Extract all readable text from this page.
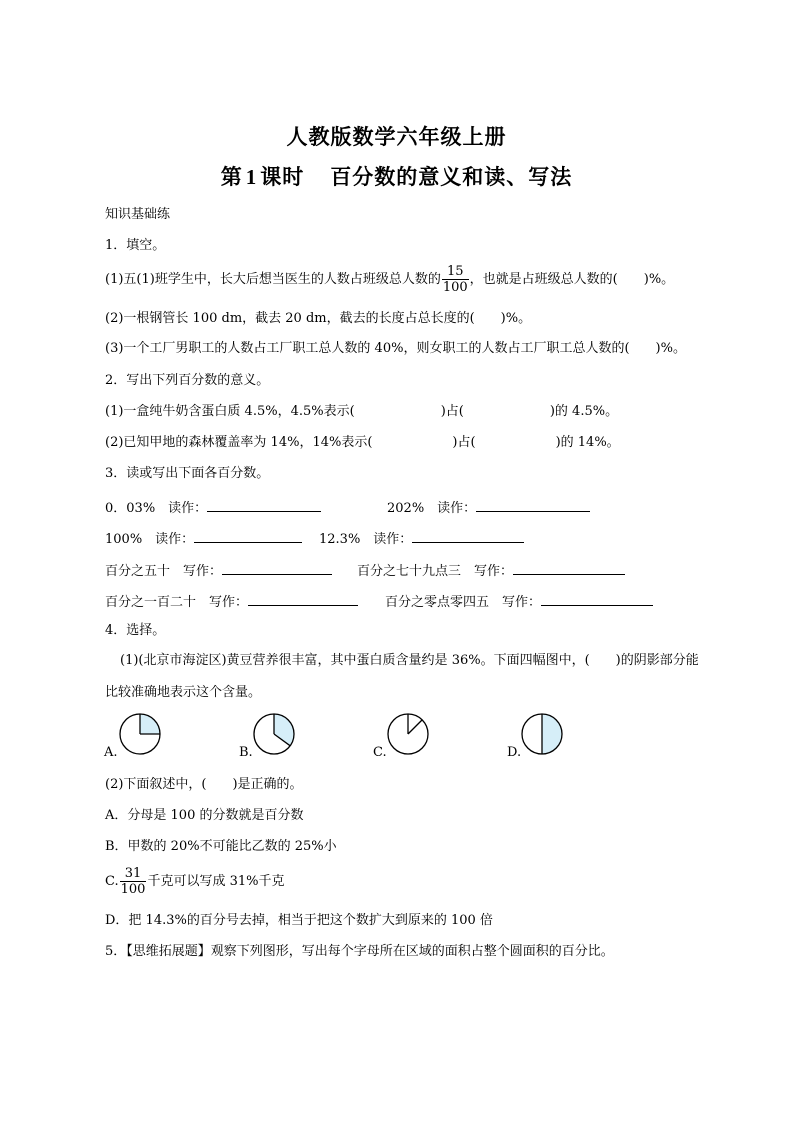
人教版数学六年级上册
第 1 课时 百分数的意义和读、写法
知识基础练
1．填空。
(1)五(1)班学生中，长大后想当医生的人数占班级总人数的 $\frac{15}{100}$ ，也就是占班级总人数的(　　)%。
(2)一根钢管长 100 dm，截去 20 dm，截去的长度占总长度的(　　)%。
(3)一个工厂男职工的人数占工厂职工总人数的 40%，则女职工的人数占工厂职工总人数的(　　)%。
2．写出下列百分数的意义。
(1)一盒纯牛奶含蛋白质 4.5%，4.5%表示(	)占(	)的 4.5%。
(2)已知甲地的森林覆盖率为 14%，14%表示(	)占(	)的 14%。
3．读或写出下面各百分数。
0．03%　读作：	202%　读作：
100%　读作：	12.3%　读作：
百分之五十　写作：	百分之七十九点三　写作：
百分之一百二十　写作：	百分之零点零四五　写作：
4．选择。
(1)(北京市海淀区)黄豆营养很丰富，其中蛋白质含量约是 36%。下面四幅图中，(　　)的阴影部分能
比较准确地表示这个含量。
A.	B.	C.	D.
(2)下面叙述中，(　　)是正确的。
A．分母是 100 的分数就是百分数
B．甲数的 20%不可能比乙数的 25%小
C. $\frac{31}{100}$ 千克可以写成 31%千克
D．把 14.3%的百分号去掉，相当于把这个数扩大到原来的 100 倍
5．【思维拓展题】观察下列图形，写出每个字母所在区域的面积占整个圆面积的百分比。
